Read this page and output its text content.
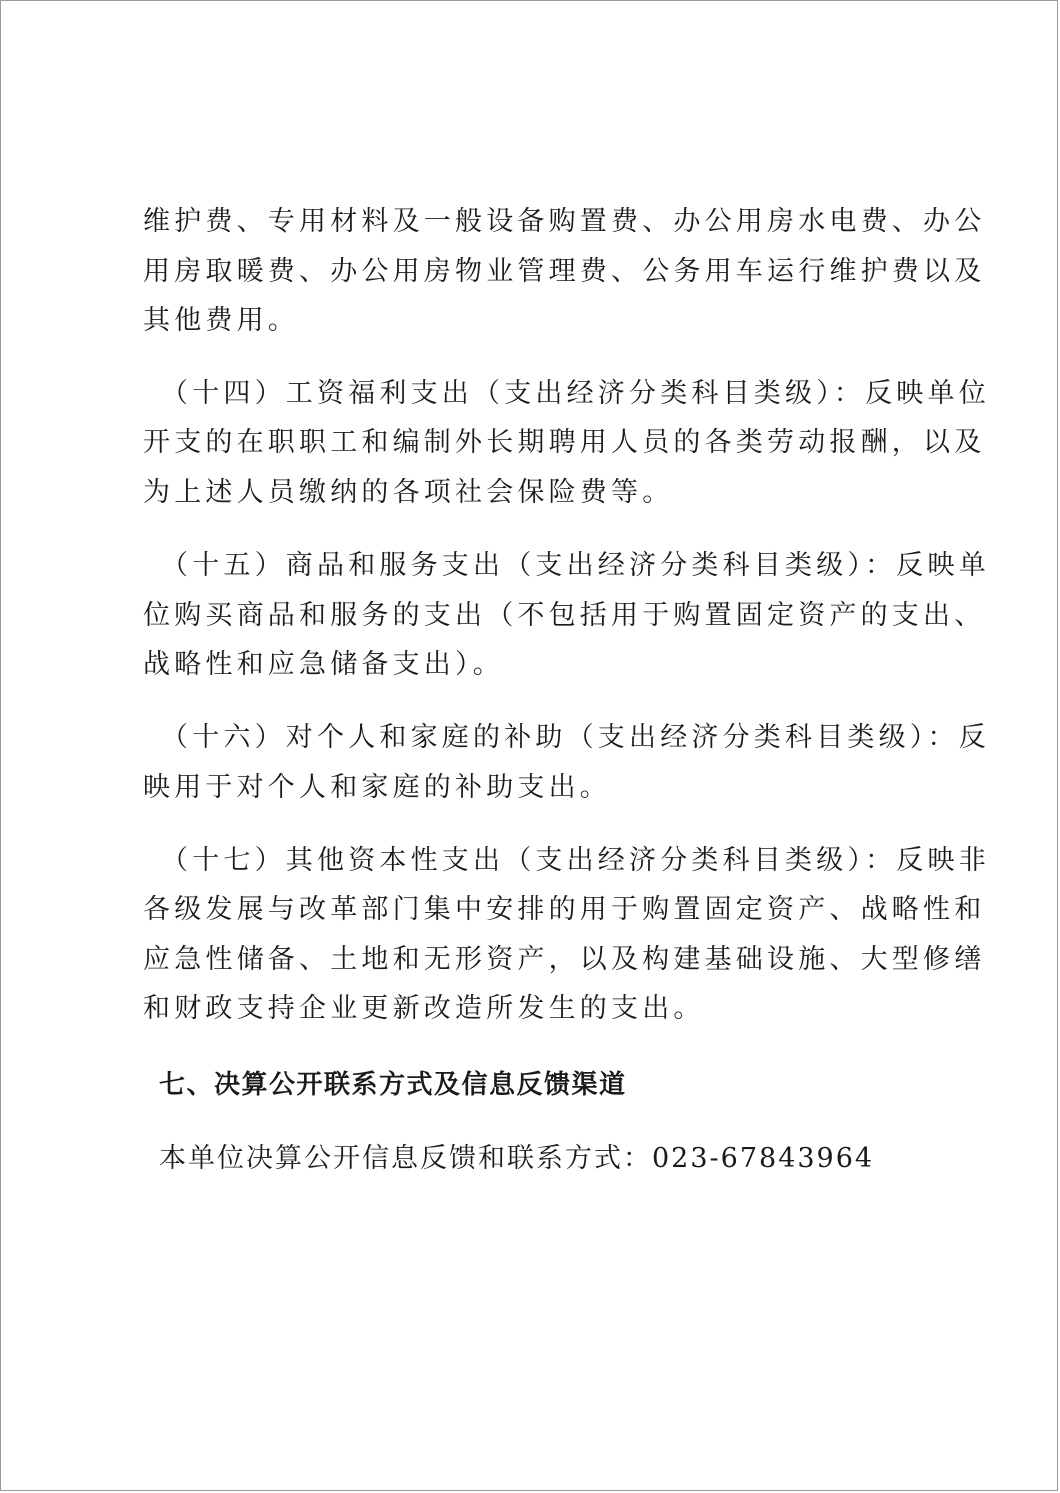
维护费、专用材料及一般设备购置费、办公用房水电费、办公
用房取暖费、办公用房物业管理费、公务用车运行维护费以及
其他费用。
（十四）工资福利支出（支出经济分类科目类级）：反映单位
开支的在职职工和编制外长期聘用人员的各类劳动报酬，以及
为上述人员缴纳的各项社会保险费等。
（十五）商品和服务支出（支出经济分类科目类级）：反映单
位购买商品和服务的支出（不包括用于购置固定资产的支出、
战略性和应急储备支出）。
（十六）对个人和家庭的补助（支出经济分类科目类级）：反
映用于对个人和家庭的补助支出。
（十七）其他资本性支出（支出经济分类科目类级）：反映非
各级发展与改革部门集中安排的用于购置固定资产、战略性和
应急性储备、土地和无形资产，以及构建基础设施、大型修缮
和财政支持企业更新改造所发生的支出。
七、决算公开联系方式及信息反馈渠道
本单位决算公开信息反馈和联系方式：023-67843964
